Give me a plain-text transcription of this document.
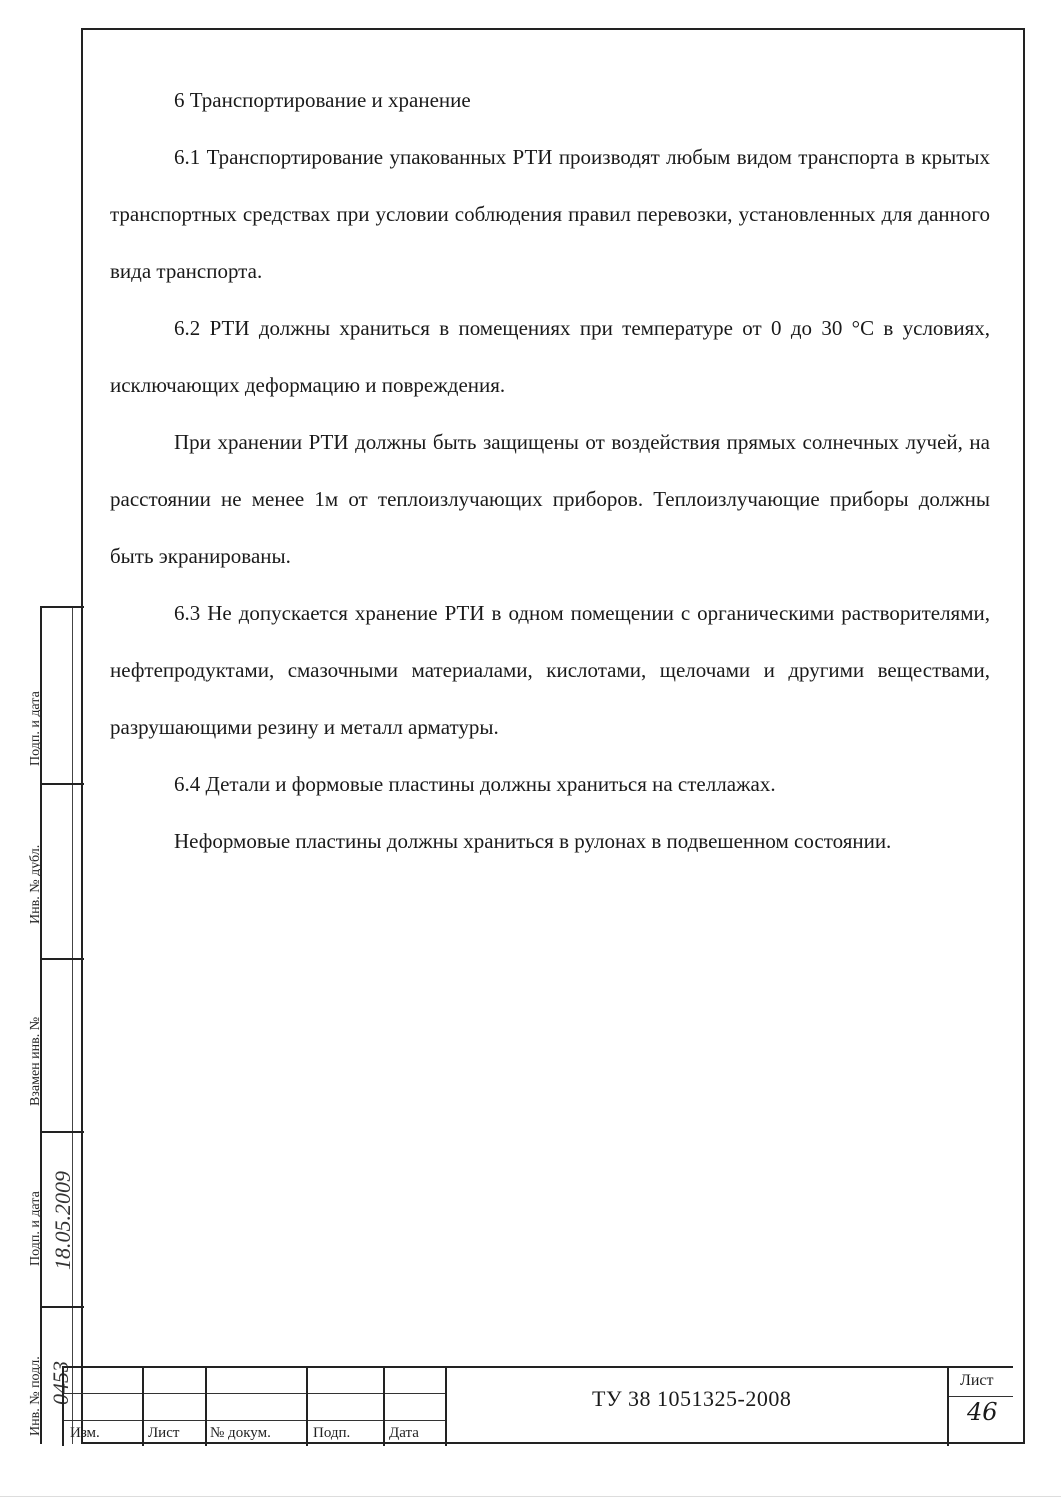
6 Транспортирование и хранение

6.1 Транспортирование упакованных РТИ производят любым видом транспорта в крытых транспортных средствах при условии соблюдения правил перевозки, установленных для данного вида транспорта.

6.2 РТИ должны храниться в помещениях при температуре от 0 до 30 °С в условиях, исключающих деформацию и повреждения.

При хранении РТИ должны быть защищены от воздействия прямых солнечных лучей, на расстоянии не менее 1м от теплоизлучающих приборов. Теплоизлучающие приборы должны быть экранированы.

6.3 Не допускается хранение РТИ в одном помещении с органическими растворителями, нефтепродуктами, смазочными материалами, кислотами, щелочами и другими веществами, разрушающими резину и металл арматуры.

6.4 Детали и формовые пластины должны храниться на стеллажах.

Неформовые пластины должны храниться в рулонах в подвешенном состоянии.

Подп. и дата
Инв. № дубл.
Взамен инв. №
Подп. и дата
Инв. № подл.
18.05.2009
0453
Изм.	Лист № докум.	Подп.	Дата
ТУ 38 1051325-2008
Лист
46
